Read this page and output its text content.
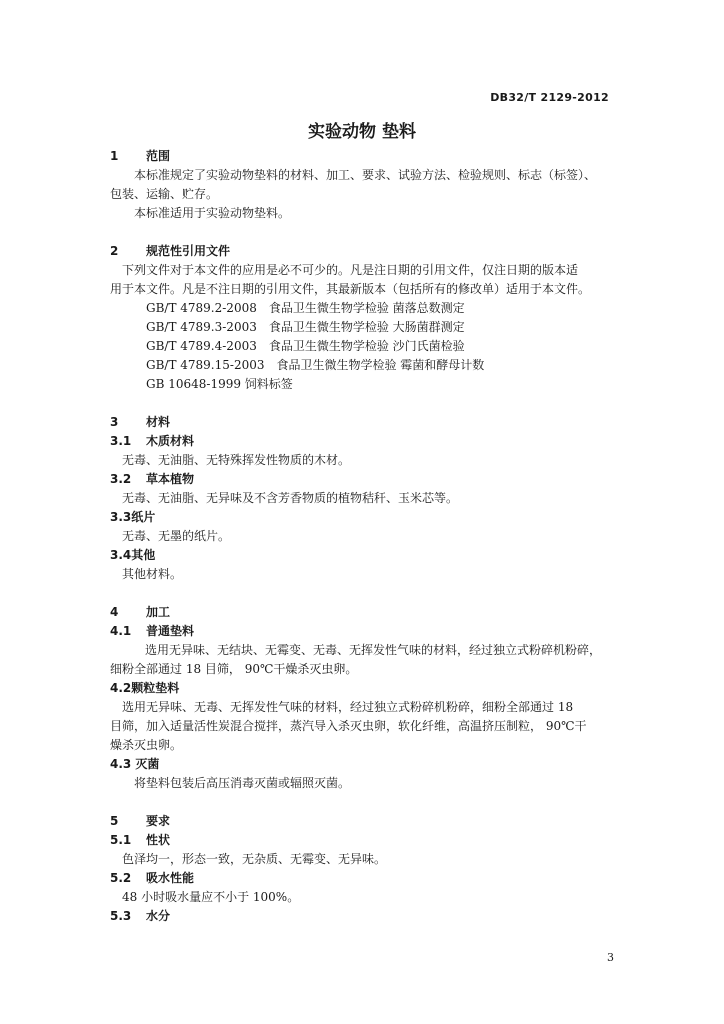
DB32/T 2129-2012
实验动物 垫料
1 范围
本标准规定了实验动物垫料的材料、加工、要求、试验方法、检验规则、标志（标签）、
包装、运输、贮存。
本标准适用于实验动物垫料。
2 规范性引用文件
下列文件对于本文件的应用是必不可少的。凡是注日期的引用文件，仅注日期的版本适
用于本文件。凡是不注日期的引用文件，其最新版本（包括所有的修改单）适用于本文件。
GB/T 4789.2-2008　食品卫生微生物学检验 菌落总数测定
GB/T 4789.3-2003　食品卫生微生物学检验 大肠菌群测定
GB/T 4789.4-2003　食品卫生微生物学检验 沙门氏菌检验
GB/T 4789.15-2003　食品卫生微生物学检验 霉菌和酵母计数
GB 10648-1999 饲料标签
3 材料
3.1 木质材料
无毒、无油脂、无特殊挥发性物质的木材。
3.2 草本植物
无毒、无油脂、无异味及不含芳香物质的植物秸秆、玉米芯等。
3.3纸片
无毒、无墨的纸片。
3.4其他
其他材料。
4 加工
4.1 普通垫料
选用无异味、无结块、无霉变、无毒、无挥发性气味的材料，经过独立式粉碎机粉碎，
细粉全部通过 18 目筛， 90℃干燥杀灭虫卵。
4.2颗粒垫料
选用无异味、无毒、无挥发性气味的材料，经过独立式粉碎机粉碎，细粉全部通过 18
目筛，加入适量活性炭混合搅拌，蒸汽导入杀灭虫卵，软化纤维，高温挤压制粒， 90℃干
燥杀灭虫卵。
4.3 灭菌
将垫料包装后高压消毒灭菌或辐照灭菌。
5 要求
5.1 性状
色泽均一，形态一致，无杂质、无霉变、无异味。
5.2 吸水性能
48 小时吸水量应不小于 100%。
5.3 水分
3
